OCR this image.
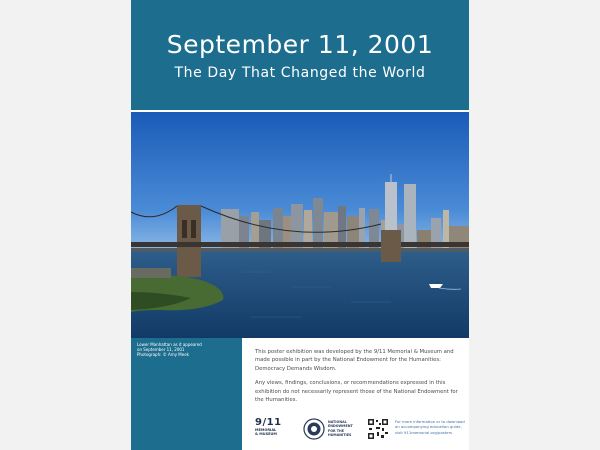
September 11, 2001
The Day That Changed the World
Lower Manhattan as it appeared
on September 11, 2001
Photograph: © Amy Meek	This poster exhibition was developed by the 9/11 Memorial & Museum and made possible in part by the National Endowment for the Humanities: Democracy Demands Wisdom.

Any views, findings, conclusions, or recommendations expressed in this exhibition do not necessarily represent those of the National Endowment for the Humanities.

9/11
MEMORIAL
& MUSEUM
NATIONAL ENDOWMENT FOR THE HUMANITIES
For more information or to download an accompanying education guide, visit 911memorial.org/posters
